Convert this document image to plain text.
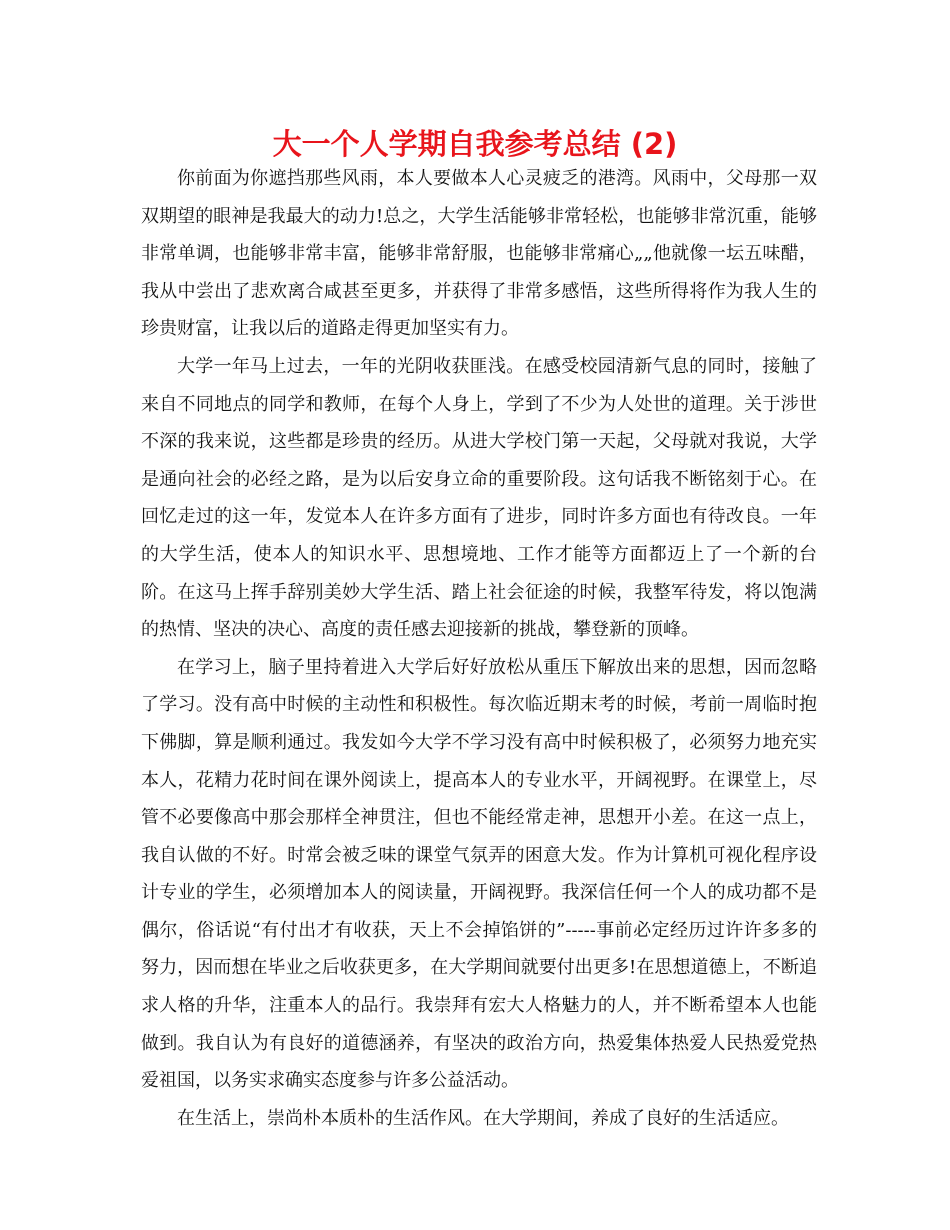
大一个人学期自我参考总结 (2)

你前面为你遮挡那些风雨，本人要做本人心灵疲乏的港湾。风雨中，父母那一双双期望的眼神是我最大的动力!总之，大学生活能够非常轻松，也能够非常沉重，能够非常单调，也能够非常丰富，能够非常舒服，也能够非常痛心„„他就像一坛五味醋，我从中尝出了悲欢离合咸甚至更多，并获得了非常多感悟，这些所得将作为我人生的珍贵财富，让我以后的道路走得更加坚实有力。

大学一年马上过去，一年的光阴收获匪浅。在感受校园清新气息的同时，接触了来自不同地点的同学和教师，在每个人身上，学到了不少为人处世的道理。关于涉世不深的我来说，这些都是珍贵的经历。从进大学校门第一天起，父母就对我说，大学是通向社会的必经之路，是为以后安身立命的重要阶段。这句话我不断铭刻于心。在回忆走过的这一年，发觉本人在许多方面有了进步，同时许多方面也有待改良。一年的大学生活，使本人的知识水平、思想境地、工作才能等方面都迈上了一个新的台阶。在这马上挥手辞别美妙大学生活、踏上社会征途的时候，我整军待发，将以饱满的热情、坚决的决心、高度的责任感去迎接新的挑战，攀登新的顶峰。

在学习上，脑子里持着进入大学后好好放松从重压下解放出来的思想，因而忽略了学习。没有高中时候的主动性和积极性。每次临近期末考的时候，考前一周临时抱下佛脚，算是顺利通过。我发如今大学不学习没有高中时候积极了，必须努力地充实本人，花精力花时间在课外阅读上，提高本人的专业水平，开阔视野。在课堂上，尽管不必要像高中那会那样全神贯注，但也不能经常走神，思想开小差。在这一点上，我自认做的不好。时常会被乏味的课堂气氛弄的困意大发。作为计算机可视化程序设计专业的学生，必须增加本人的阅读量，开阔视野。我深信任何一个人的成功都不是偶尔，俗话说“有付出才有收获，天上不会掉馅饼的”-----事前必定经历过许许多多的努力，因而想在毕业之后收获更多，在大学期间就要付出更多!在思想道德上，不断追求人格的升华，注重本人的品行。我崇拜有宏大人格魅力的人，并不断希望本人也能做到。我自认为有良好的道德涵养，有坚决的政治方向，热爱集体热爱人民热爱党热爱祖国，以务实求确实态度参与许多公益活动。

在生活上，崇尚朴本质朴的生活作风。在大学期间，养成了良好的生活适应。
